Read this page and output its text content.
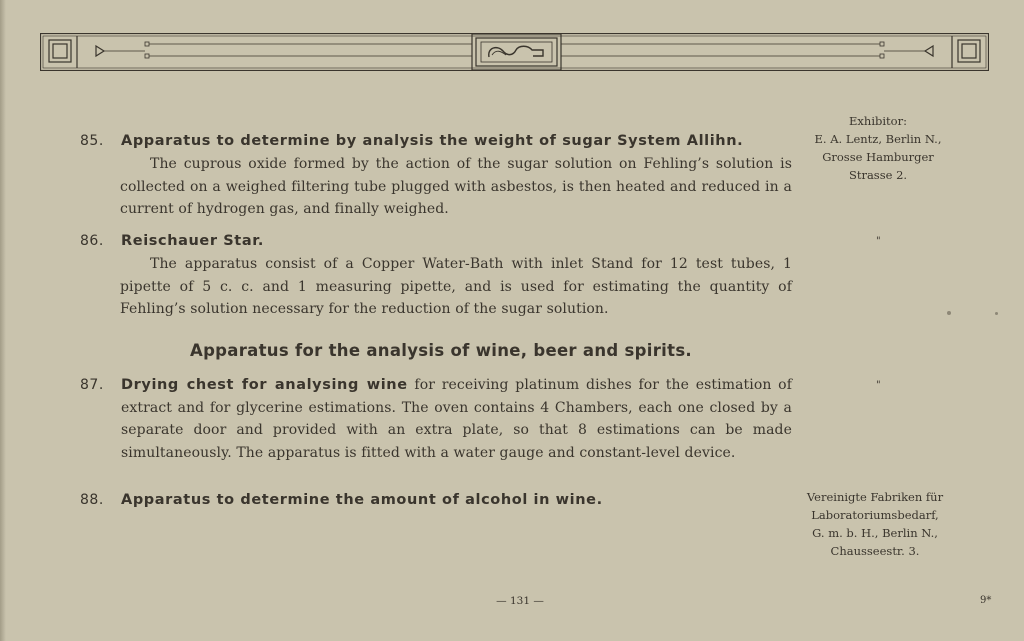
85. Apparatus to determine by analysis the weight of sugar System Allihn.
The cuprous oxide formed by the action of the sugar solution on Fehling’s solution is collected on a weighed filtering tube plugged with asbestos, is then heated and reduced in a current of hydrogen gas, and finally weighed.
86. Reischauer Star.
The apparatus consist of a Copper Water-Bath with inlet Stand for 12 test tubes, 1 pipette of 5 c. c. and 1 measuring pipette, and is used for estimating the quantity of Fehling’s solution necessary for the reduction of the sugar solution.
Apparatus for the analysis of wine, beer and spirits.
87. Drying chest for analysing wine for receiving platinum dishes for the estimation of extract and for glycerine estimations. The oven contains 4 Chambers, each one closed by a separate door and provided with an extra plate, so that 8 estimations can be made simultaneously. The apparatus is fitted with a water gauge and constant-level device.
88. Apparatus to determine the amount of alcohol in wine.
Exhibitor:
E. A. Lentz, Berlin N.,
Grosse Hamburger
Strasse 2.
"
"
Vereinigte Fabriken für
Laboratoriumsbedarf,
G. m. b. H., Berlin N.,
Chausseestr. 3.
— 131 —	9*
